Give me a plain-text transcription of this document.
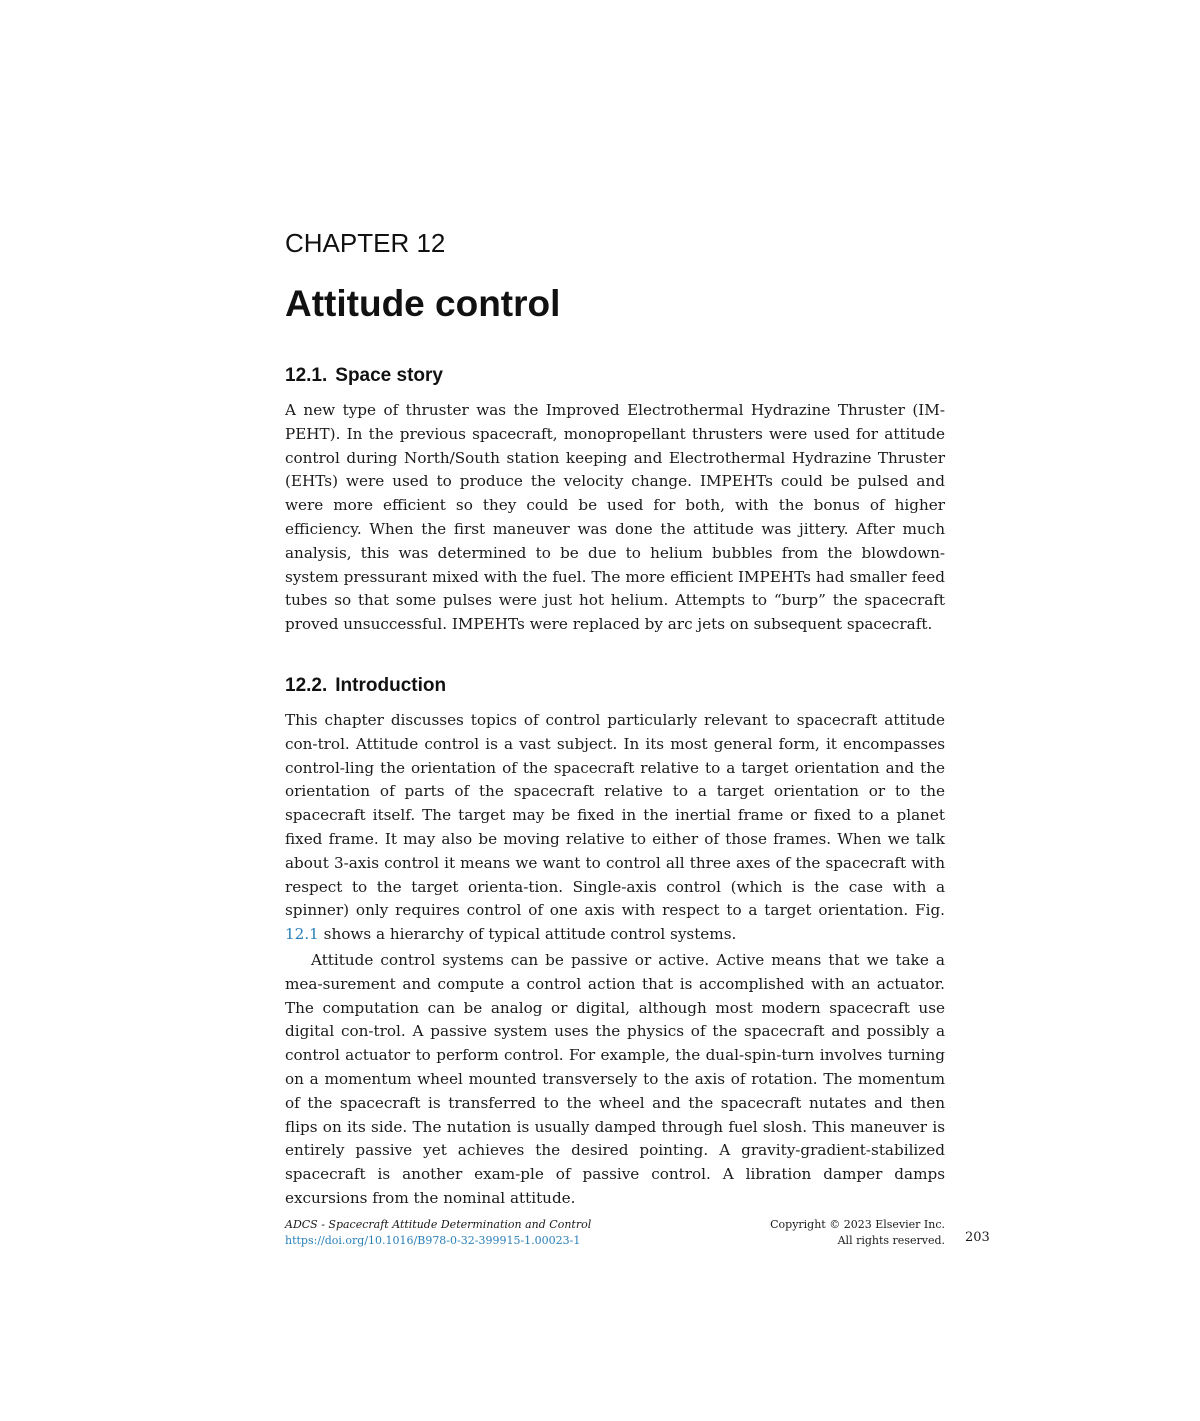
CHAPTER 12
Attitude control
12.1. Space story

A new type of thruster was the Improved Electrothermal Hydrazine Thruster (IM-PEHT). In the previous spacecraft, monopropellant thrusters were used for attitude control during North/South station keeping and Electrothermal Hydrazine Thruster (EHTs) were used to produce the velocity change. IMPEHTs could be pulsed and were more efficient so they could be used for both, with the bonus of higher efficiency. When the first maneuver was done the attitude was jittery. After much analysis, this was determined to be due to helium bubbles from the blowdown-system pressurant mixed with the fuel. The more efficient IMPEHTs had smaller feed tubes so that some pulses were just hot helium. Attempts to “burp” the spacecraft proved unsuccessful. IMPEHTs were replaced by arc jets on subsequent spacecraft.

12.2. Introduction

This chapter discusses topics of control particularly relevant to spacecraft attitude con-trol. Attitude control is a vast subject. In its most general form, it encompasses control-ling the orientation of the spacecraft relative to a target orientation and the orientation of parts of the spacecraft relative to a target orientation or to the spacecraft itself. The target may be fixed in the inertial frame or fixed to a planet fixed frame. It may also be moving relative to either of those frames. When we talk about 3-axis control it means we want to control all three axes of the spacecraft with respect to the target orienta-tion. Single-axis control (which is the case with a spinner) only requires control of one axis with respect to a target orientation. Fig. 12.1 shows a hierarchy of typical attitude control systems.

Attitude control systems can be passive or active. Active means that we take a mea-surement and compute a control action that is accomplished with an actuator. The computation can be analog or digital, although most modern spacecraft use digital con-trol. A passive system uses the physics of the spacecraft and possibly a control actuator to perform control. For example, the dual-spin-turn involves turning on a momentum wheel mounted transversely to the axis of rotation. The momentum of the spacecraft is transferred to the wheel and the spacecraft nutates and then flips on its side. The nutation is usually damped through fuel slosh. This maneuver is entirely passive yet achieves the desired pointing. A gravity-gradient-stabilized spacecraft is another exam-ple of passive control. A libration damper damps excursions from the nominal attitude.

ADCS - Spacecraft Attitude Determination and Control
https://doi.org/10.1016/B978-0-32-399915-1.00023-1
Copyright © 2023 Elsevier Inc.
All rights reserved. 203
